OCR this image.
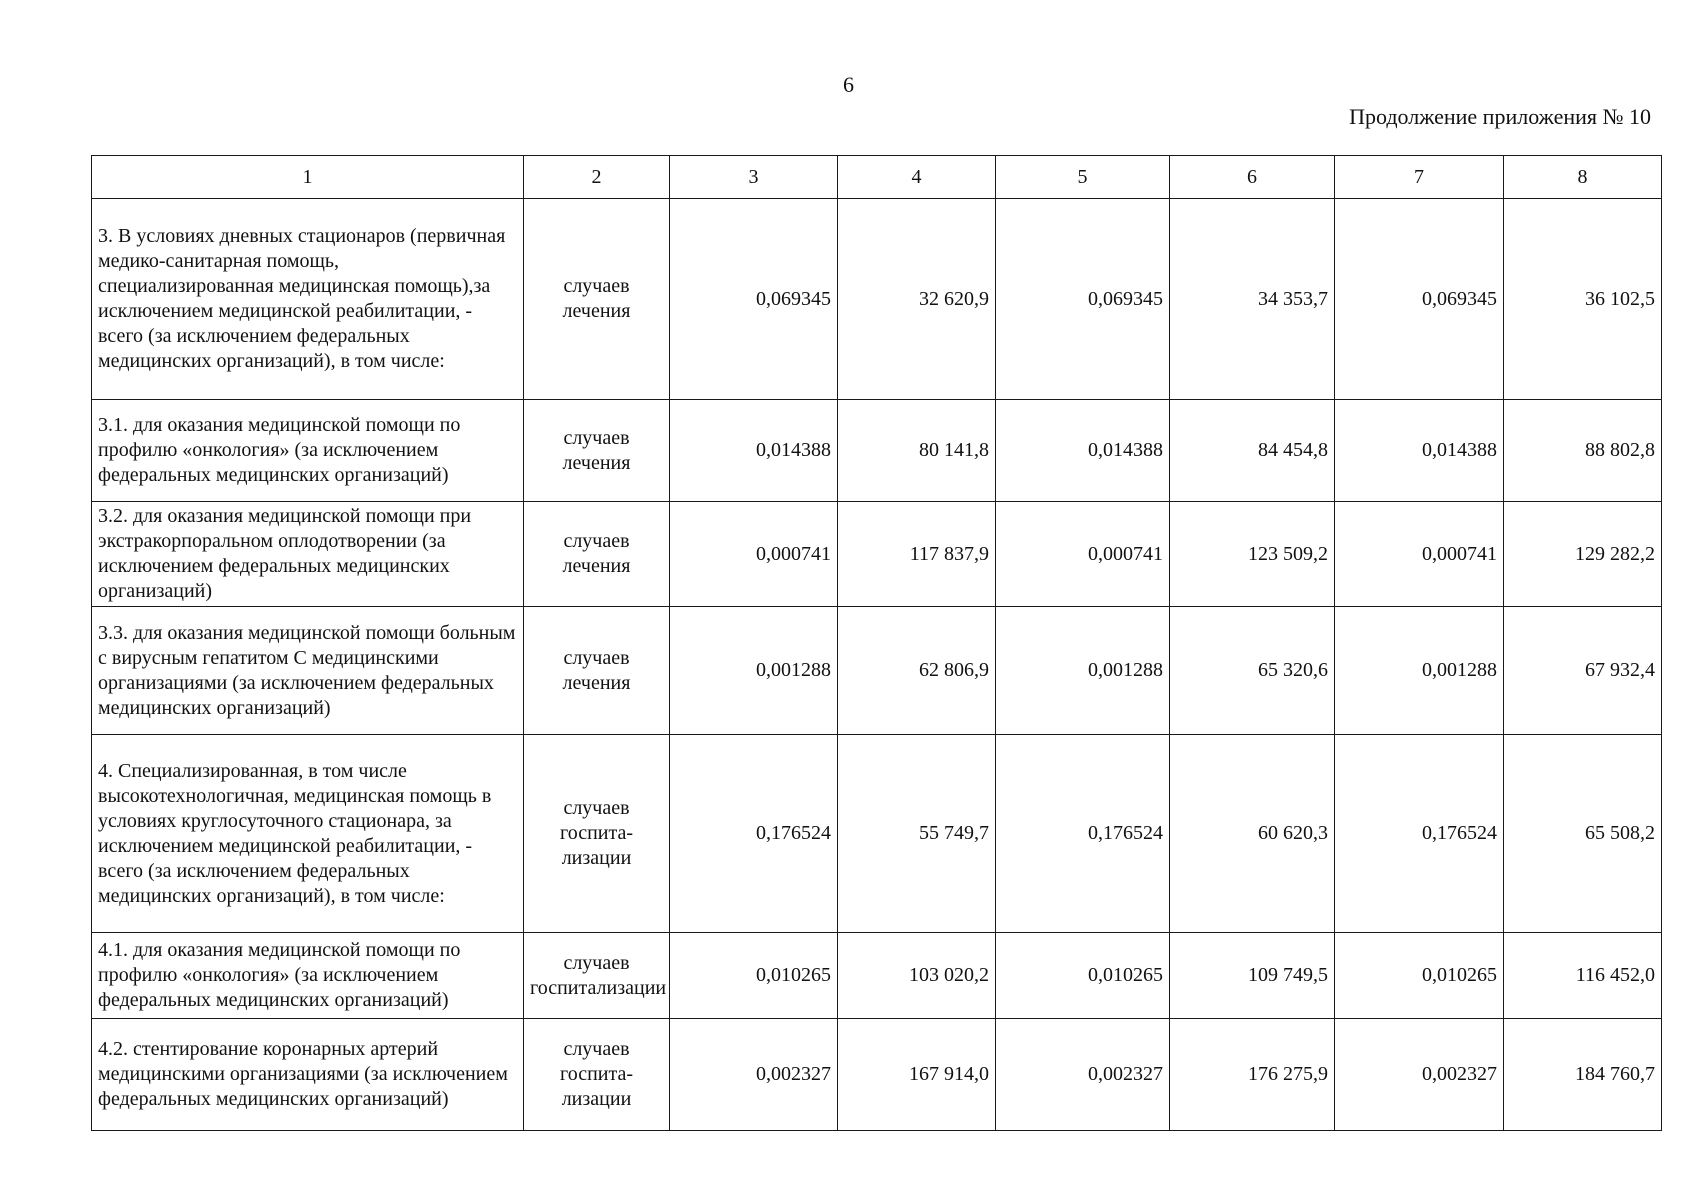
6
Продолжение приложения № 10
1	2	3	4	5	6	7	8
3. В условиях дневных стационаров (первичная медико-санитарная помощь, специализированная медицинская помощь),за исключением медицинской реабилитации, - всего (за исключением федеральных медицинских организаций), в том числе:	случаев лечения	0,069345	32 620,9	0,069345	34 353,7	0,069345	36 102,5
3.1. для оказания медицинской помощи по профилю «онкология» (за исключением федеральных медицинских организаций)	случаев лечения	0,014388	80 141,8	0,014388	84 454,8	0,014388	88 802,8
3.2. для оказания медицинской помощи при экстракорпоральном оплодотворении (за исключением федеральных медицинских организаций)	случаев лечения	0,000741	117 837,9	0,000741	123 509,2	0,000741	129 282,2
3.3. для оказания медицинской помощи больным с вирусным гепатитом С медицинскими организациями (за исключением федеральных медицинских организаций)	случаев лечения	0,001288	62 806,9	0,001288	65 320,6	0,001288	67 932,4
4. Специализированная, в том числе высокотехнологичная, медицинская помощь в условиях круглосуточного стационара, за исключением медицинской реабилитации, - всего (за исключением федеральных медицинских организаций), в том числе:	случаев госпита-лизации	0,176524	55 749,7	0,176524	60 620,3	0,176524	65 508,2
4.1. для оказания медицинской помощи по профилю «онкология» (за исключением федеральных медицинских организаций)	случаев госпитализации	0,010265	103 020,2	0,010265	109 749,5	0,010265	116 452,0
4.2. стентирование коронарных артерий медицинскими организациями (за исключением федеральных медицинских организаций)	случаев госпита-лизации	0,002327	167 914,0	0,002327	176 275,9	0,002327	184 760,7
